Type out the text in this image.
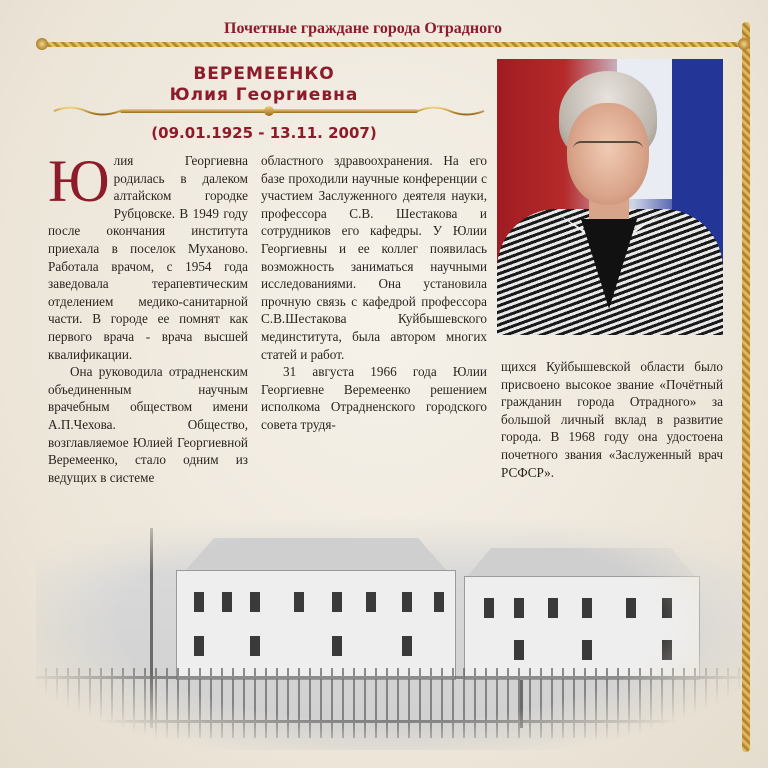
Почетные граждане города Отрадного
ВЕРЕМЕЕНКО
Юлия Георгиевна
(09.01.1925 - 13.11. 2007)

Юлия Георгиевна родилась в далеком алтайском городке Рубцовске. В 1949 году после окончания института приехала в поселок Мухановo. Работала врачом, с 1954 года заведовала терапевтическим отделением медико-санитарной части. В городе ее помнят как первого врача - врача высшей квалификации.

Она руководила отрадненским объединенным научным врачебным обществом имени А.П.Чехова. Общество, возглавляемое Юлией Георгиевной Веремеенко, стало одним из ведущих в системе

областного здравоохранения. На его базе проходили научные конференции с участием Заслуженного деятеля науки, профессора С.В. Шестакова и сотрудников его кафедры. У Юлии Георгиевны и ее коллег появилась возможность заниматься научными исследованиями. Она установила прочную связь с кафедрой профессора С.В.Шестакова Куйбышевского мединститута, была автором многих статей и работ.

31 августа 1966 года Юлии Георгиевне Веремеенко решением исполкома Отрадненского городского совета трудя-

щихся Куйбышевской области было присвоено высокое звание «Почётный гражданин города Отрадного» за большой личный вклад в развитие города. В 1968 году она удостоена почетного звания «Заслуженный врач РСФСР».
